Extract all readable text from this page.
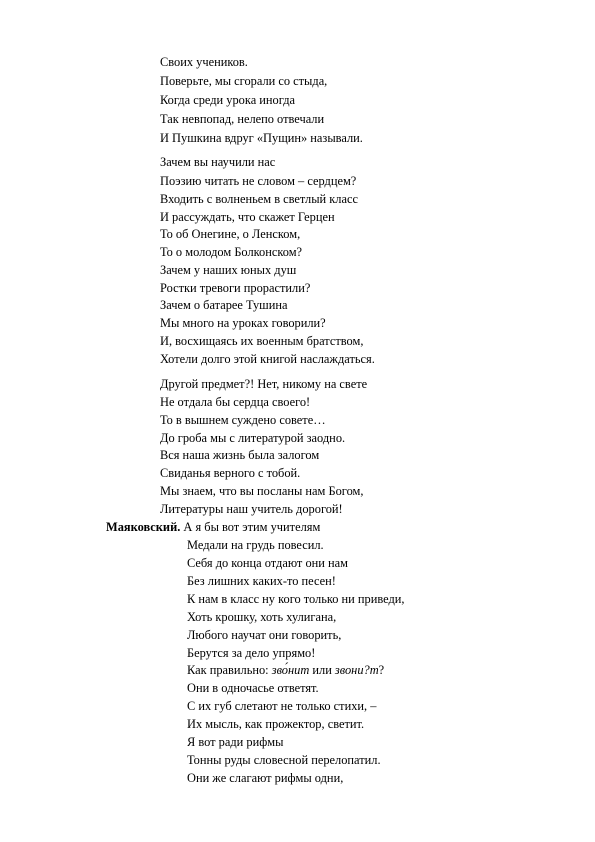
Своих учеников.
Поверьте, мы сгорали со стыда,
Когда среди урока иногда
Так невпопад, нелепо отвечали
И Пушкина вдруг «Пущин» называли.
Зачем вы научили нас
Поэзию читать не словом – сердцем?
Входить с волненьем в светлый класс
И рассуждать, что скажет Герцен
То об Онегине, о Ленском,
То о молодом Болконском?
Зачем у наших юных душ
Ростки тревоги прорастили?
Зачем о батарее Тушина
Мы много на уроках говорили?
И, восхищаясь их военным братством,
Хотели долго этой книгой наслаждаться.
Другой предмет?! Нет, никому на свете
Не отдала бы сердца своего!
То в вышнем суждено совете…
До гроба мы с литературой заодно.
Вся наша жизнь была залогом
Свиданья верного с тобой.
Мы знаем, что вы посланы нам Богом,
Литературы наш учитель дорогой!
Маяковский. А я бы вот этим учителям
Медали на грудь повесил.
Себя до конца отдают они нам
Без лишних каких-то песен!
К нам в класс ну кого только ни приведи,
Хоть крошку, хоть хулигана,
Любого научат они говорить,
Берутся за дело упрямо!
Как правильно: зво́нит или звони?т?
Они в одночасье ответят.
С их губ слетают не только стихи, –
Их мысль, как прожектор, светит.
Я вот ради рифмы
Тонны руды словесной перелопатил.
Они же слагают рифмы одни,
